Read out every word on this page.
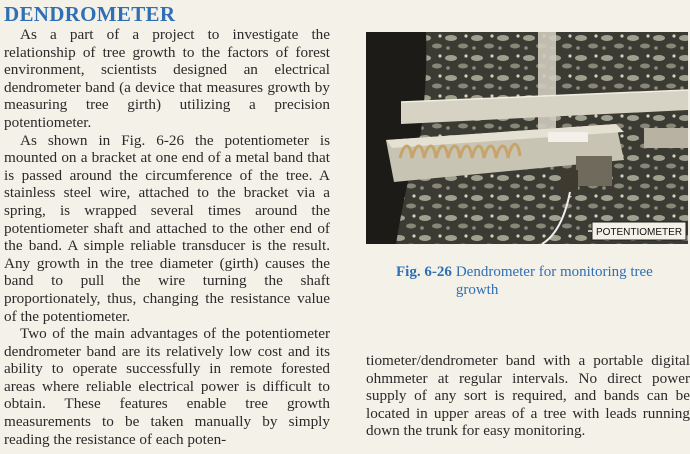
DENDROMETER

As a part of a project to investigate the relationship of tree growth to the factors of forest environment, scientists designed an electrical dendrometer band (a device that measures growth by measuring tree girth) utilizing a precision potentiometer.

As shown in Fig. 6-26 the potentiometer is mounted on a bracket at one end of a metal band that is passed around the circumference of the tree. A stainless steel wire, attached to the bracket via a spring, is wrapped several times around the potentiometer shaft and attached to the other end of the band. A simple reliable transducer is the result. Any growth in the tree diameter (girth) causes the band to pull the wire turning the shaft proportionately, thus, changing the resistance value of the potentiometer.

Two of the main advantages of the potentiometer dendrometer band are its relatively low cost and its ability to operate successfully in remote forested areas where reliable electrical power is difficult to obtain. These features enable tree growth measurements to be taken manually by simply reading the resistance of each poten-

POTENTIOMETER
Fig. 6-26 Dendrometer for monitoring tree growth

tiometer/dendrometer band with a portable digital ohmmeter at regular intervals. No direct power supply of any sort is required, and bands can be located in upper areas of a tree with leads running down the trunk for easy monitoring.
